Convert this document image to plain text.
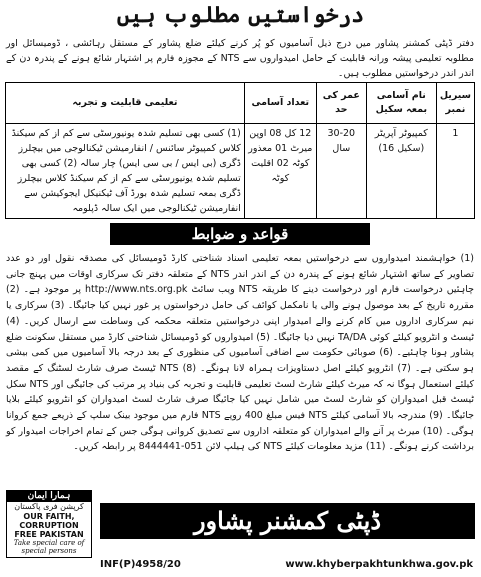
درخواستیں مطلوب ہیں
دفتر ڈپٹی کمشنر پشاور میں درج ذیل آسامیوں کو پُر کرنے کیلئے ضلع پشاور کے مستقل رہائشی ، ڈومیسائل اور مطلوبہ تعلیمی پیشہ ورانہ قابلیت کے حامل امیدواروں سے NTS کے مجوزہ فارم پر اشتہار شائع ہونے کے پندرہ دن کے اندر اندر درخواستیں مطلوب ہیں۔
سیریل نمبر	نام آسامی بمعہ سکیل	عمر کی حد	تعداد آسامی	تعلیمی قابلیت و تجربہ
1	کمپیوٹر آپریٹر (سکیل 16)	30-20 سال	12 کل 08 اوپن میرٹ 01 معذور کوٹہ 02 اقلیت کوٹہ	(1) کسی بھی تسلیم شدہ یونیورسٹی سے کم از کم سیکنڈ کلاس کمپیوٹر سائنس / انفارمیشن ٹیکنالوجی میں بیچلرز ڈگری (بی ایس / بی سی ایس) چار سالہ (2) کسی بھی تسلیم شدہ یونیورسٹی سے کم از کم سیکنڈ کلاس بیچلرز ڈگری بمعہ تسلیم شدہ بورڈ آف ٹیکنیکل ایجوکیشن سے انفارمیشن ٹیکنالوجی میں ایک سالہ ڈپلومہ
قواعد و ضوابط
(1) خواہشمند امیدواروں سے درخواستیں بمعہ تعلیمی اسناد شناختی کارڈ ڈومیسائل کی مصدقہ نقول اور دو عدد تصاویر کے ساتھ اشتہار شائع ہونے کے پندرہ دن کے اندر اندر NTS کے متعلقہ دفتر تک سرکاری اوقات میں پہنچ جانی چاہئیں درخواست فارم اور درخواست دینے کا طریقہ NTS ویب سائٹ http://www.nts.org.pk پر موجود ہے۔ (2) مقررہ تاریخ کے بعد موصول ہونے والی یا نامکمل کوائف کی حامل درخواستوں پر غور نہیں کیا جائیگا۔ (3) سرکاری یا نیم سرکاری اداروں میں کام کرنے والے امیدوار اپنی درخواستیں متعلقہ محکمہ کی وساطت سے ارسال کریں۔ (4) ٹیسٹ و انٹرویو کیلئے کوئی TA/DA نہیں دیا جائیگا۔ (5) امیدواروں کو ڈومیسائل شناختی کارڈ میں مستقل سکونت ضلع پشاور ہونا چاہئیے۔ (6) صوبائی حکومت سے اضافی آسامیوں کی منظوری کے بعد درجہ بالا آسامیوں میں کمی بیشی ہو سکتی ہے۔ (7) انٹرویو کیلئے اصل دستاویزات ہمراہ لانا ہونگے۔ (8) NTS ٹیسٹ صرف شارٹ لسٹنگ کے مقصد کیلئے استعمال ہوگا نہ کہ میرٹ کیلئے شارٹ لسٹ تعلیمی قابلیت و تجربہ کی بنیاد پر مرتب کی جائیگی اور NTS سکل ٹیسٹ قبل امیدواران کو شارٹ لسٹ میں شامل نہیں کیا جائیگا صرف شارٹ لسٹ امیدواران کو انٹرویو کیلئے بلایا جائیگا۔ (9) مندرجہ بالا آسامی کیلئے NTS فیس مبلغ 400 روپے NTS فارم میں موجود بینک سلپ کے ذریعے جمع کروانا ہوگی۔ (10) میرٹ پر آنے والے امیدواران کو متعلقہ اداروں سے تصدیق کروانی ہوگی جس کے تمام اخراجات امیدوار کو برداشت کرنے ہونگے۔ (11) مزید معلومات کیلئے NTS کی ہیلپ لائن 051-8444441 پر رابطہ کریں۔
ہمارا ایمان
کرپشن فری پاکستان
OUR FAITH, CORRUPTION FREE PAKISTAN
Take special care of special persons
ڈپٹی کمشنر پشاور
INF(P)4958/20	www.khyberpakhtunkhwa.gov.pk
